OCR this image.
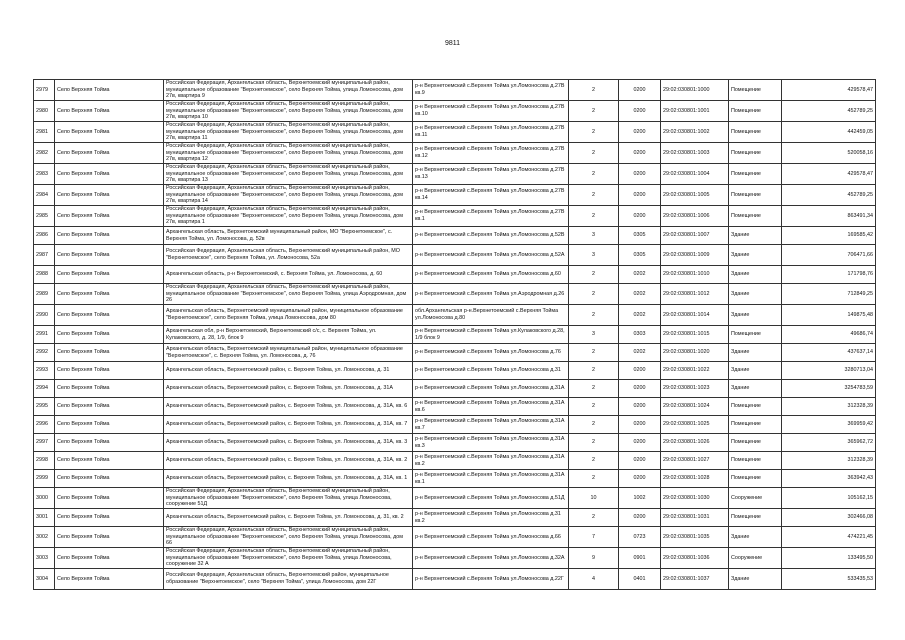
9811
2979	Село Верхняя Тойма	Российская Федерация, Архангельская область, Верхнетоемский муниципальный район, муниципальное образование "Верхнетоемское", село Верхняя Тойма, улица Ломоносова, дом 27в, квартира 9	р-н Верхнетоемский с.Верхняя Тойма ул.Ломоносова д.27В кв.9	2	0200	29:02:030801:1000	Помещение	429578,47
2980	Село Верхняя Тойма	Российская Федерация, Архангельская область, Верхнетоемский муниципальный район, муниципальное образование "Верхнетоемское", село Верхняя Тойма, улица Ломоносова, дом 27в, квартира 10	р-н Верхнетоемский с.Верхняя Тойма ул.Ломоносова д.27В кв.10	2	0200	29:02:030801:1001	Помещение	452789,25
2981	Село Верхняя Тойма	Российская Федерация, Архангельская область, Верхнетоемский муниципальный район, муниципальное образование "Верхнетоемское", село Верхняя Тойма, улица Ломоносова, дом 27в, квартира 11	р-н Верхнетоемский с.Верхняя Тойма ул.Ломоносова д.27В кв.11	2	0200	29:02:030801:1002	Помещение	442459,05
2982	Село Верхняя Тойма	Российская Федерация, Архангельская область, Верхнетоемский муниципальный район, муниципальное образование "Верхнетоемское", село Верхняя Тойма, улица Ломоносова, дом 27в, квартира 12	р-н Верхнетоемский с.Верхняя Тойма ул.Ломоносова д.27В кв.12	2	0200	29:02:030801:1003	Помещение	520058,16
2983	Село Верхняя Тойма	Российская Федерация, Архангельская область, Верхнетоемский муниципальный район, муниципальное образование "Верхнетоемское", село Верхняя Тойма, улица Ломоносова, дом 27в, квартира 13	р-н Верхнетоемский с.Верхняя Тойма ул.Ломоносова д.27В кв.13	2	0200	29:02:030801:1004	Помещение	429578,47
2984	Село Верхняя Тойма	Российская Федерация, Архангельская область, Верхнетоемский муниципальный район, муниципальное образование "Верхнетоемское", село Верхняя Тойма, улица Ломоносова, дом 27в, квартира 14	р-н Верхнетоемский с.Верхняя Тойма ул.Ломоносова д.27В кв.14	2	0200	29:02:030801:1005	Помещение	452789,25
2985	Село Верхняя Тойма	Российская Федерация, Архангельская область, Верхнетоемский муниципальный район, муниципальное образование "Верхнетоемское", село Верхняя Тойма, улица Ломоносова, дом 27в, квартира 1	р-н Верхнетоемский с.Верхняя Тойма ул.Ломоносова д.27В кв.1	2	0200	29:02:030801:1006	Помещение	863491,34
2986	Село Верхняя Тойма	Архангельская область, Верхнетоемский муниципальный район, МО "Верхнетоемское", с. Верхняя Тойма, ул. Ломоносова, д. 52в	р-н Верхнетоемский с.Верхняя Тойма ул.Ломоносова д.52В	3	0305	29:02:030801:1007	Здание	169585,42
2987	Село Верхняя Тойма	Российская Федерация, Архангельская область, Верхнетоемский муниципальный район, МО "Верхнетоемское", село Верхняя Тойма, ул. Ломоносова, 52а	р-н Верхнетоемский с.Верхняя Тойма ул.Ломоносова д.52А	3	0305	29:02:030801:1009	Здание	706471,66
2988	Село Верхняя Тойма	Архангельская область, р-н Верхнетоемский, с. Верхняя Тойма, ул. Ломоносова, д. 60	р-н Верхнетоемский с.Верхняя Тойма ул.Ломоносова д.60	2	0202	29:02:030801:1010	Здание	171798,76
2989	Село Верхняя Тойма	Российская Федерация, Архангельская область, Верхнетоемский муниципальный район, муниципальное образование "Верхнетоемское", село Верхняя Тойма, улица Аэродромная, дом 26	р-н Верхнетоемский с.Верхняя Тойма ул.Аэродромная д.26	2	0202	29:02:030801:1012	Здание	712849,25
2990	Село Верхняя Тойма	Архангельская область, Верхнетоемский муниципальный район, муниципальное образование "Верхнетоемское", село Верхняя Тойма, улица Ломоносова, дом 80	обл.Архангельская р-н.Верхнетоемский с.Верхняя Тойма ул.Ломоносова д.80	2	0202	29:02:030801:1014	Здание	149875,48
2991	Село Верхняя Тойма	Архангельская обл, р-н Верхнетоемский, Верхнетоемский с/с, с. Верхняя Тойма, ул. Кулаковского, д. 28, 1/9, блок 9	р-н Верхнетоемский с.Верхняя Тойма ул.Кулаковского д.28, 1/9 блок 9	3	0303	29:02:030801:1015	Помещение	49686,74
2992	Село Верхняя Тойма	Архангельская область, Верхнетоемский муниципальный район, муниципальное образование "Верхнетоемское", с. Верхняя Тойма, ул. Ломоносова, д. 76	р-н Верхнетоемский с.Верхняя Тойма ул.Ломоносова д.76	2	0202	29:02:030801:1020	Здание	437637,14
2993	Село Верхняя Тойма	Архангельская область, Верхнетоемский район, с. Верхняя Тойма, ул. Ломоносова, д. 31	р-н Верхнетоемский с.Верхняя Тойма ул.Ломоносова д.31	2	0200	29:02:030801:1022	Здание	3280713,04
2994	Село Верхняя Тойма	Архангельская область, Верхнетоемский район, с. Верхняя Тойма, ул. Ломоносова, д. 31А	р-н Верхнетоемский с.Верхняя Тойма ул.Ломоносова д.31А	2	0200	29:02:030801:1023	Здание	3254783,59
2995	Село Верхняя Тойма	Архангельская область, Верхнетоемский район, с. Верхняя Тойма, ул. Ломоносова, д. 31А, кв. 6	р-н Верхнетоемский с.Верхняя Тойма ул.Ломоносова д.31А кв.6	2	0200	29:02:030801:1024	Помещение	312328,39
2996	Село Верхняя Тойма	Архангельская область, Верхнетоемский район, с. Верхняя Тойма, ул. Ломоносова, д. 31А, кв. 7	р-н Верхнетоемский с.Верхняя Тойма ул.Ломоносова д.31А кв.7	2	0200	29:02:030801:1025	Помещение	369959,42
2997	Село Верхняя Тойма	Архангельская область, Верхнетоемский район, с. Верхняя Тойма, ул. Ломоносова, д. 31А, кв. 3	р-н Верхнетоемский с.Верхняя Тойма ул.Ломоносова д.31А кв.3	2	0200	29:02:030801:1026	Помещение	365962,72
2998	Село Верхняя Тойма	Архангельская область, Верхнетоемский район, с. Верхняя Тойма, ул. Ломоносова, д. 31А, кв. 2	р-н Верхнетоемский с.Верхняя Тойма ул.Ломоносова д.31А кв.2	2	0200	29:02:030801:1027	Помещение	312328,39
2999	Село Верхняя Тойма	Архангельская область, Верхнетоемский район, с. Верхняя Тойма, ул. Ломоносова, д. 31А, кв. 1	р-н Верхнетоемский с.Верхняя Тойма ул.Ломоносова д.31А кв.1	2	0200	29:02:030801:1028	Помещение	363942,43
3000	Село Верхняя Тойма	Российская Федерация, Архангельская область, Верхнетоемский муниципальный район, муниципальное образование "Верхнетоемское", село Верхняя Тойма, улица Ломоносова, сооружение 51Д	р-н Верхнетоемский с.Верхняя Тойма ул.Ломоносова д.51Д	10	1002	29:02:030801:1030	Сооружение	105162,15
3001	Село Верхняя Тойма	Архангельская область, Верхнетоемский район, с. Верхняя Тойма, ул. Ломоносова, д. 31, кв. 2	р-н Верхнетоемский с.Верхняя Тойма ул.Ломоносова д.31 кв.2	2	0200	29:02:030801:1031	Помещение	302466,08
3002	Село Верхняя Тойма	Российская Федерация, Архангельская область, Верхнетоемский муниципальный район, муниципальное образование "Верхнетоемское", село Верхняя Тойма, улица Ломоносова, дом 66	р-н Верхнетоемский с.Верхняя Тойма ул.Ломоносова д.66	7	0723	29:02:030801:1035	Здание	474221,45
3003	Село Верхняя Тойма	Российская Федерация, Архангельская область, Верхнетоемский муниципальный район, муниципальное образование "Верхнетоемское", село Верхняя Тойма, улица Ломоносова, сооружение 32 А	р-н Верхнетоемский с.Верхняя Тойма ул.Ломоносова д.32А	9	0901	29:02:030801:1036	Сооружение	133495,50
3004	Село Верхняя Тойма	Российская Федерация, Архангельская область, Верхнетоемский район, муниципальное образование "Верхнетоемское", село "Верхняя Тойма", улица Ломоносова, дом 22Г	р-н Верхнетоемский с.Верхняя Тойма ул.Ломоносова д.22Г	4	0401	29:02:030801:1037	Здание	533435,53
